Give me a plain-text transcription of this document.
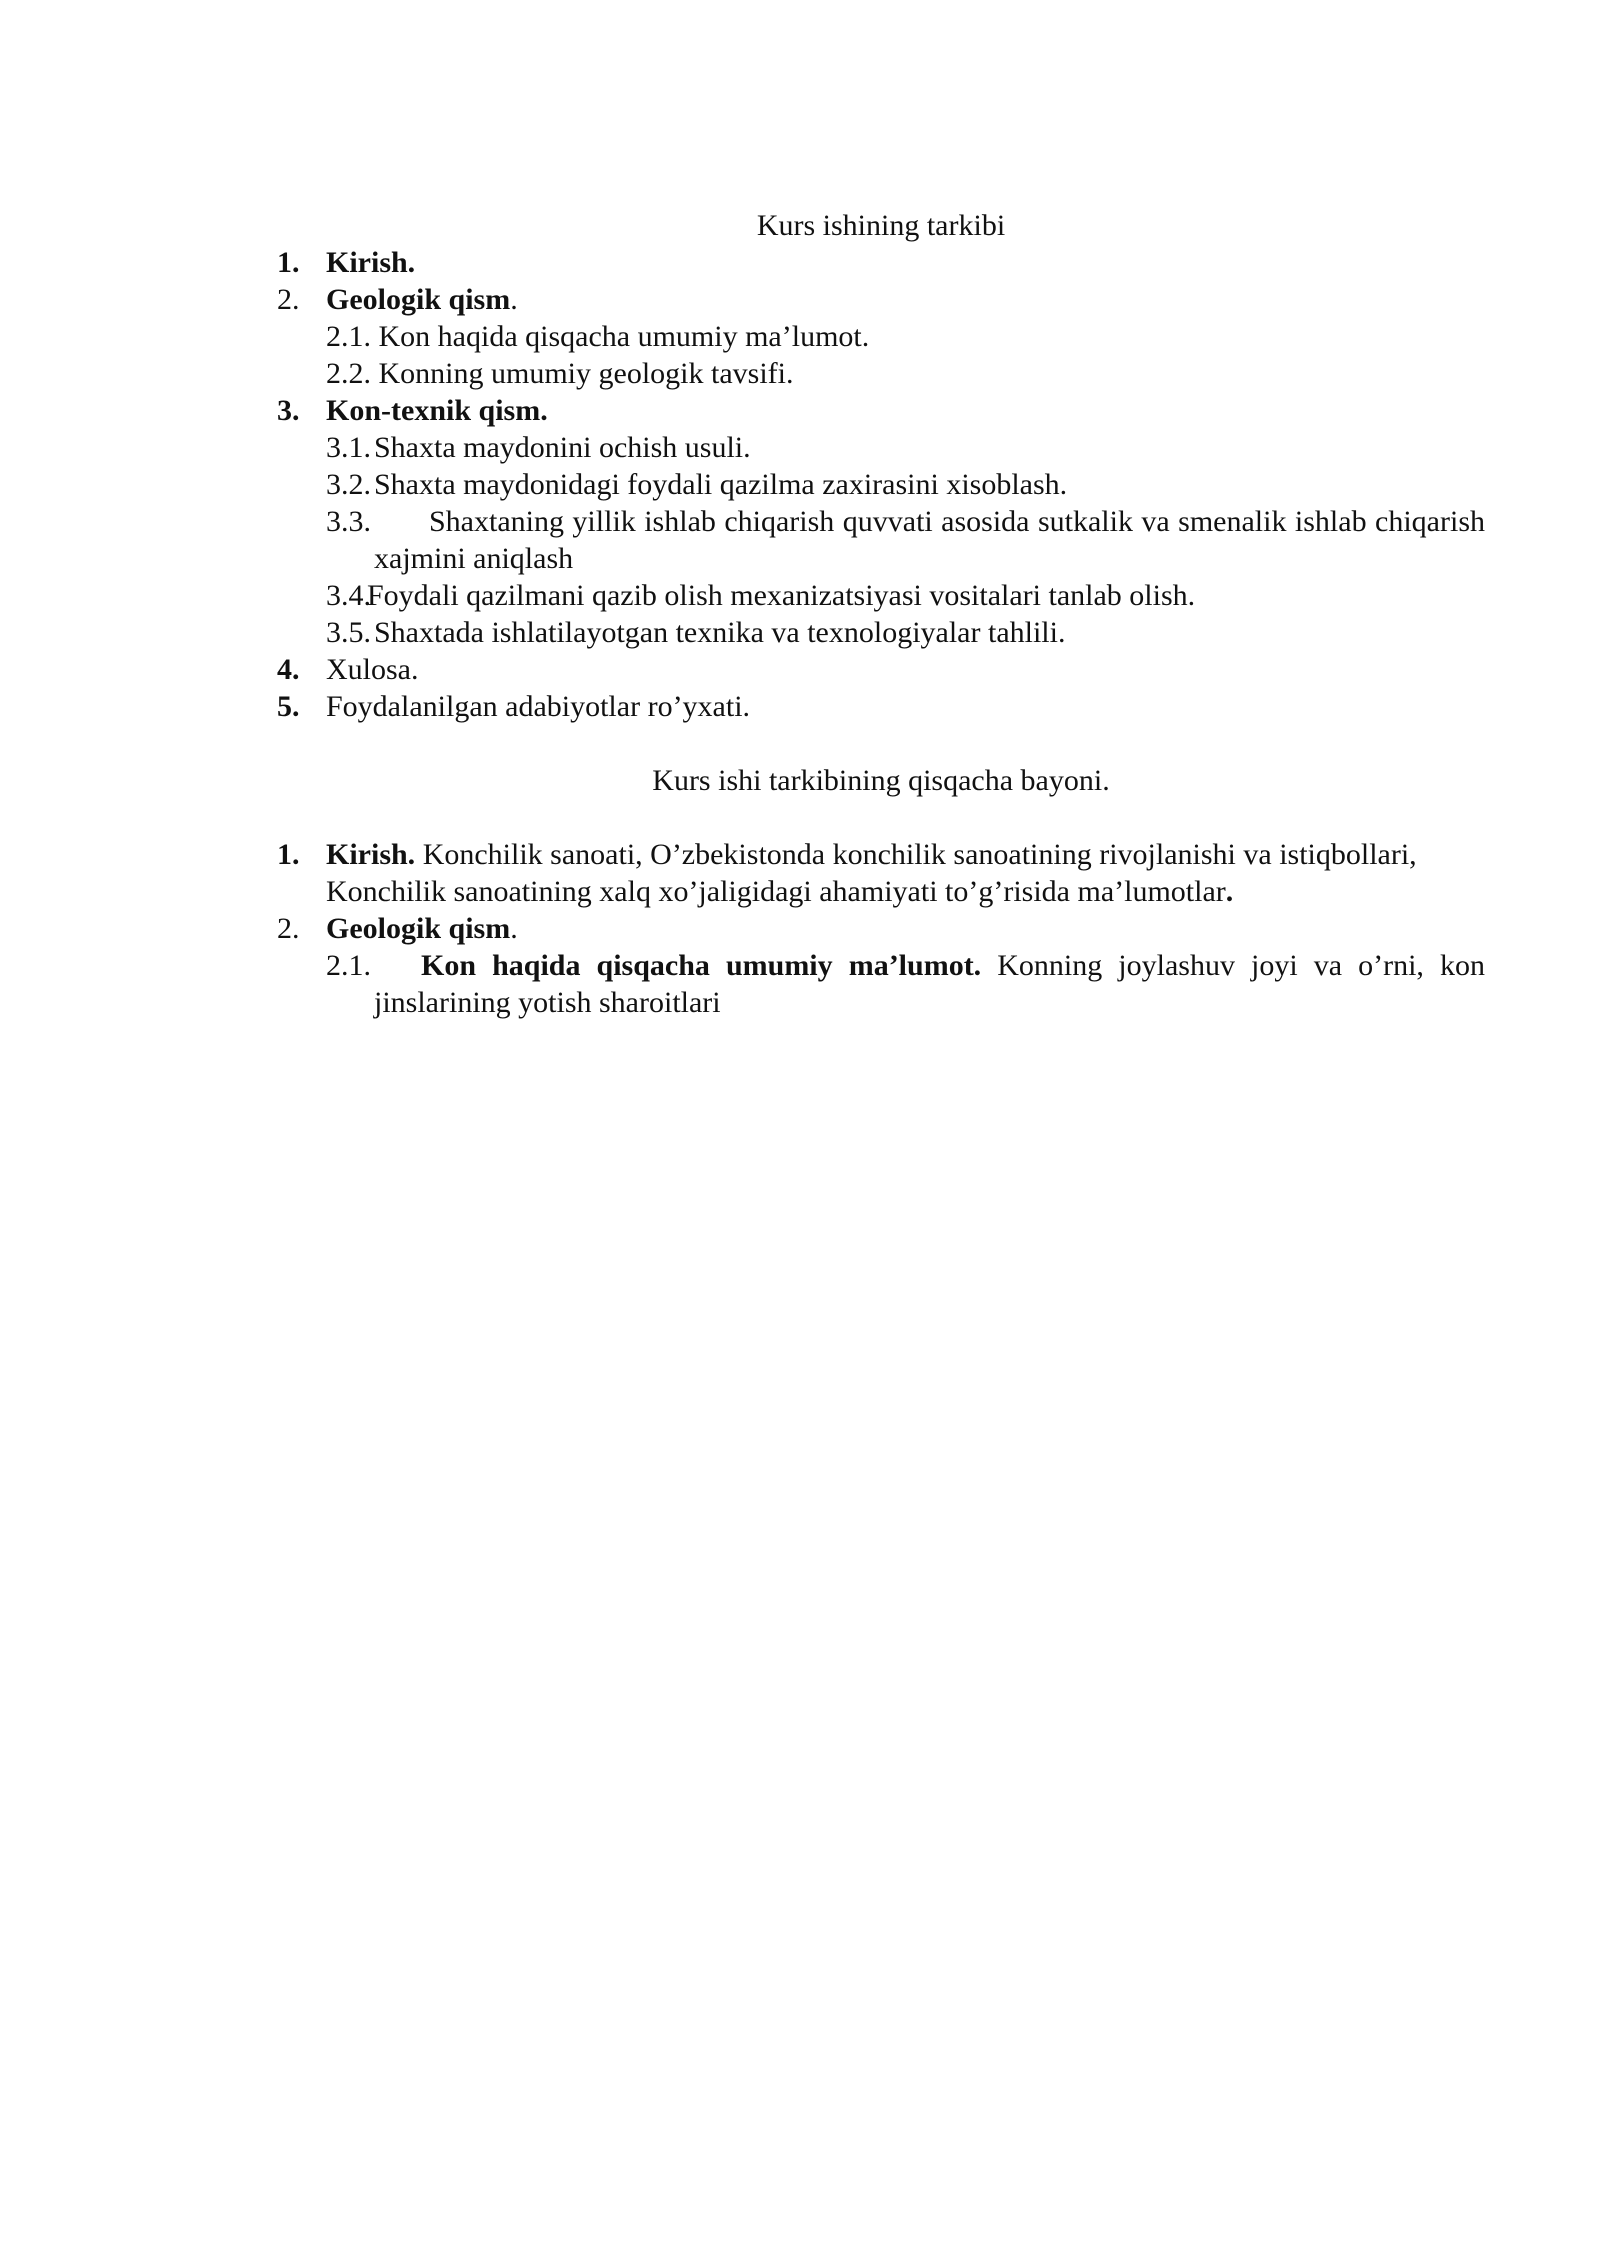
Kurs ishining tarkibi

1. Kirish.

2. Geologik qism.

2.1. Kon haqida qisqacha umumiy ma’lumot.

2.2. Konning umumiy geologik tavsifi.

3. Kon-texnik qism.

3.1. Shaxta maydonini ochish usuli.

3.2. Shaxta maydonidagi foydali qazilma zaxirasini xisoblash.

3.3. Shaxtaning yillik ishlab chiqarish quvvati asosida sutkalik va smenalik ishlab chiqarish xajmini aniqlash

3.4.
Foydali qazilmani qazib olish mexanizatsiyasi vositalari tanlab olish.

3.5. Shaxtada ishlatilayotgan texnika va texnologiyalar tahlili.

4. Xulosa.

5. Foydalanilgan adabiyotlar ro’yxati.

Kurs ishi tarkibining qisqacha bayoni.

1. Kirish. Konchilik sanoati, O’zbekistonda konchilik sanoatining rivojlanishi va istiqbollari, Konchilik sanoatining xalq xo’jaligidagi ahamiyati to’g’risida ma’lumotlar.

2. Geologik qism.

2.1. Kon haqida qisqacha umumiy ma’lumot. Konning joylashuv joyi va o’rni, kon jinslarining yotish sharoitlari
